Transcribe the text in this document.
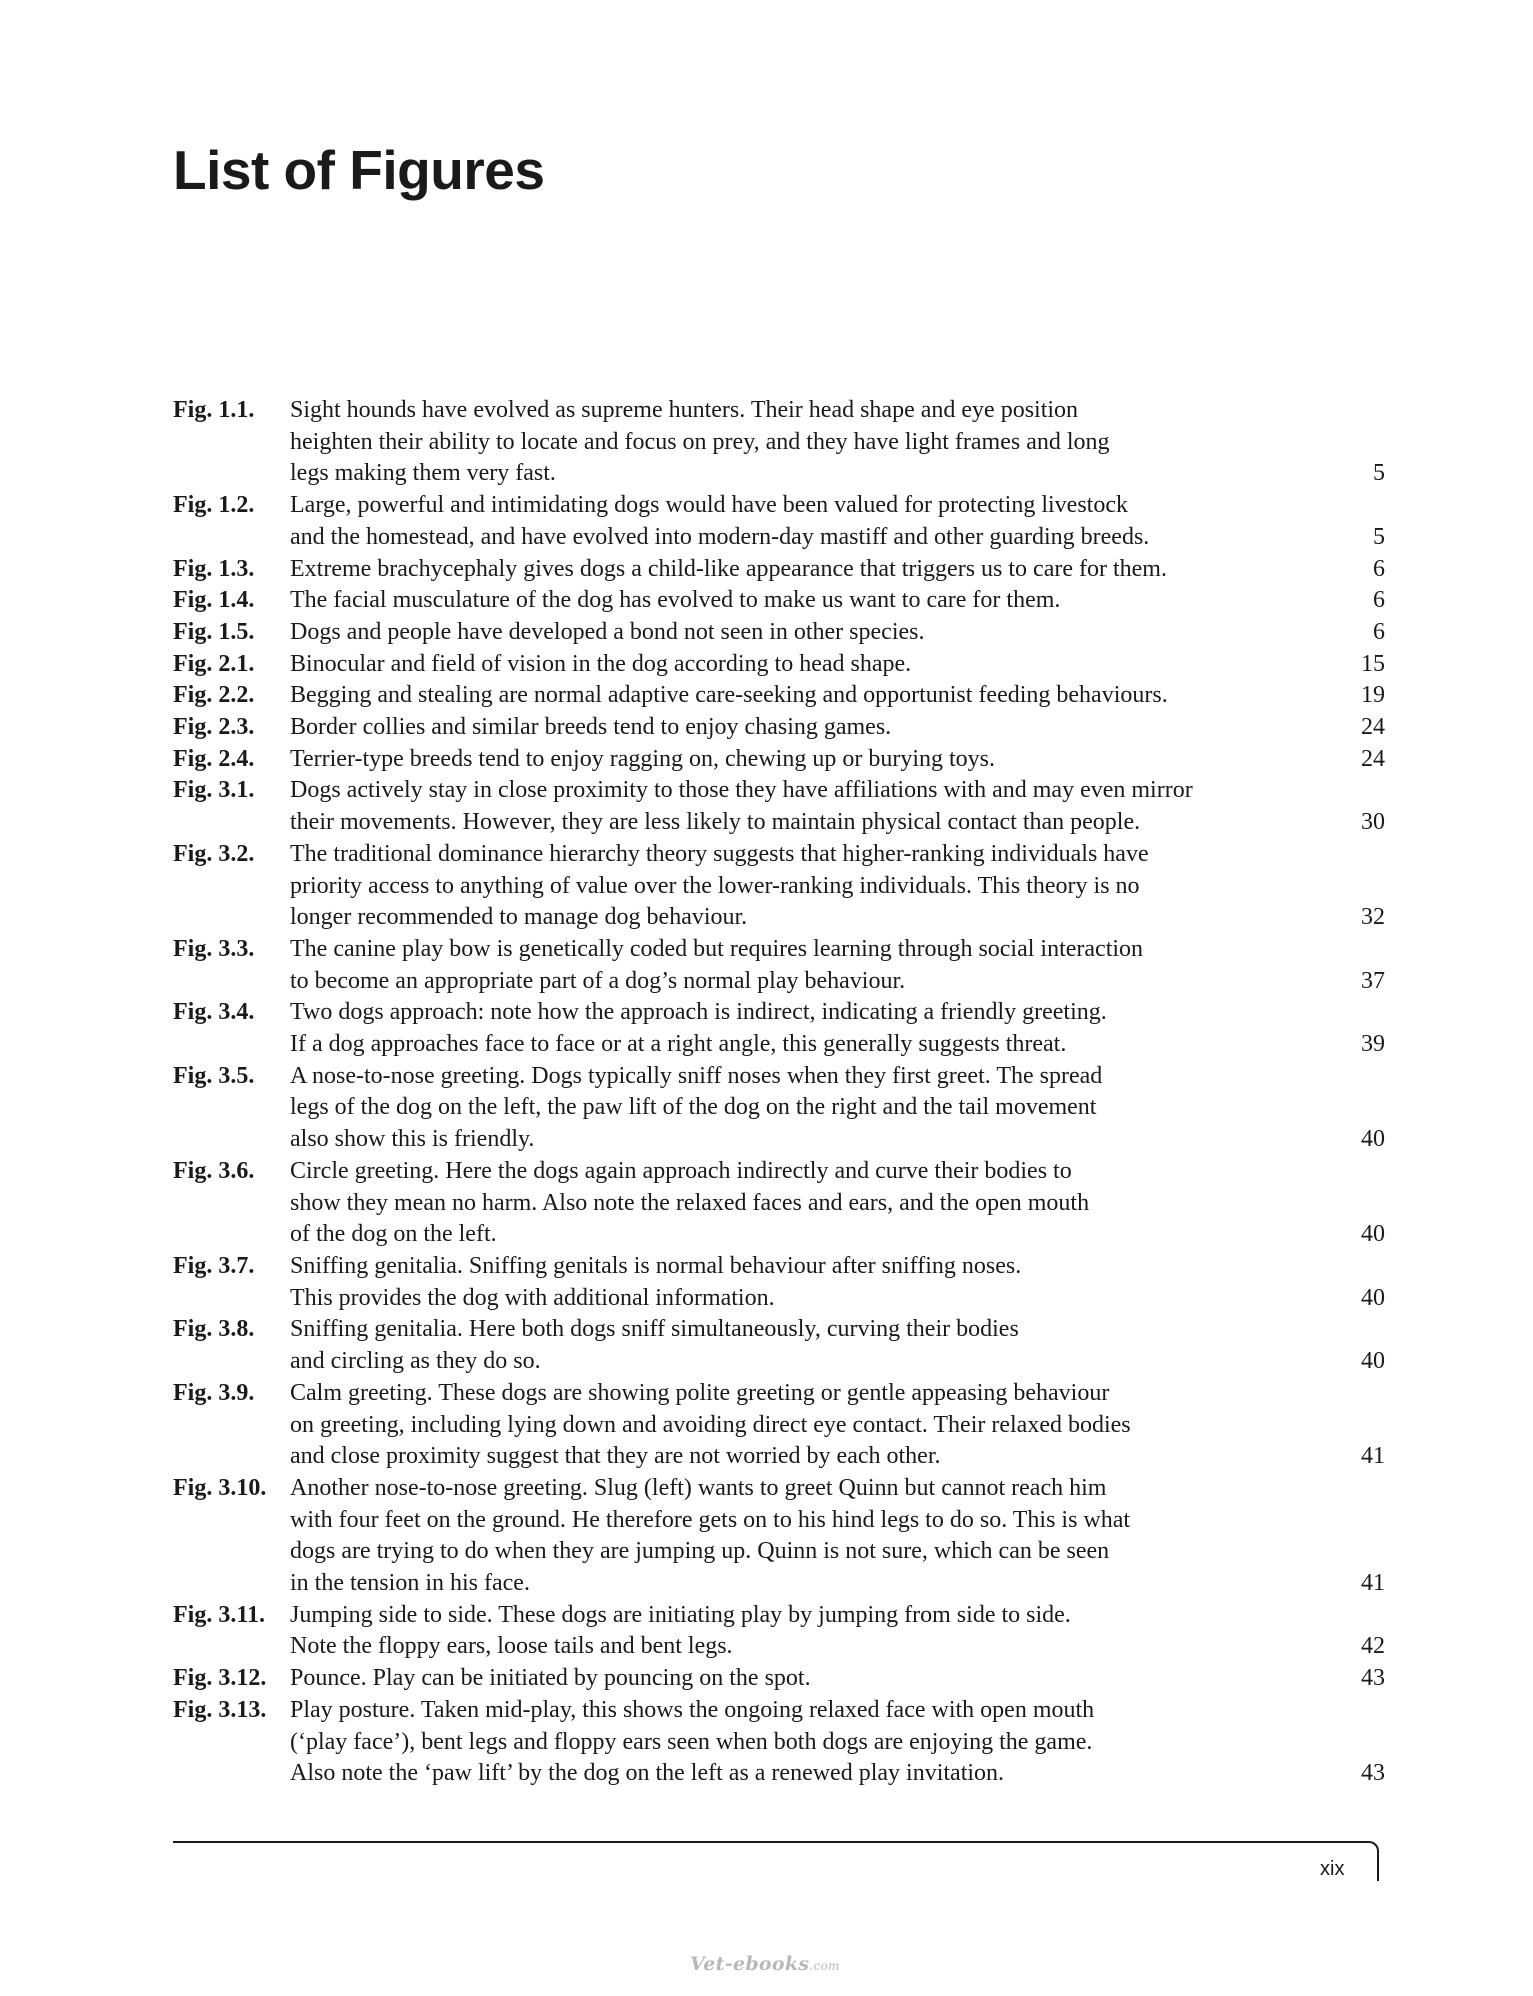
List of Figures
Fig. 1.1.	Sight hounds have evolved as supreme hunters. Their head shape and eye position
heighten their ability to locate and focus on prey, and they have light frames and long
legs making them very fast.	5
Fig. 1.2.	Large, powerful and intimidating dogs would have been valued for protecting livestock
and the homestead, and have evolved into modern-day mastiff and other guarding breeds.	5
Fig. 1.3.	Extreme brachycephaly gives dogs a child-like appearance that triggers us to care for them.	6
Fig. 1.4.	The facial musculature of the dog has evolved to make us want to care for them.	6
Fig. 1.5.	Dogs and people have developed a bond not seen in other species.	6
Fig. 2.1.	Binocular and field of vision in the dog according to head shape.	15
Fig. 2.2.	Begging and stealing are normal adaptive care-seeking and opportunist feeding behaviours.	19
Fig. 2.3.	Border collies and similar breeds tend to enjoy chasing games.	24
Fig. 2.4.	Terrier-type breeds tend to enjoy ragging on, chewing up or burying toys.	24
Fig. 3.1.	Dogs actively stay in close proximity to those they have affiliations with and may even mirror
their movements. However, they are less likely to maintain physical contact than people.	30
Fig. 3.2.	The traditional dominance hierarchy theory suggests that higher-ranking individuals have
priority access to anything of value over the lower-ranking individuals. This theory is no
longer recommended to manage dog behaviour.	32
Fig. 3.3.	The canine play bow is genetically coded but requires learning through social interaction
to become an appropriate part of a dog’s normal play behaviour.	37
Fig. 3.4.	Two dogs approach: note how the approach is indirect, indicating a friendly greeting.
If a dog approaches face to face or at a right angle, this generally suggests threat.	39
Fig. 3.5.	A nose-to-nose greeting. Dogs typically sniff noses when they first greet. The spread
legs of the dog on the left, the paw lift of the dog on the right and the tail movement
also show this is friendly.	40
Fig. 3.6.	Circle greeting. Here the dogs again approach indirectly and curve their bodies to
show they mean no harm. Also note the relaxed faces and ears, and the open mouth
of the dog on the left.	40
Fig. 3.7.	Sniffing genitalia. Sniffing genitals is normal behaviour after sniffing noses.
This provides the dog with additional information.	40
Fig. 3.8.	Sniffing genitalia. Here both dogs sniff simultaneously, curving their bodies
and circling as they do so.	40
Fig. 3.9.	Calm greeting. These dogs are showing polite greeting or gentle appeasing behaviour
on greeting, including lying down and avoiding direct eye contact. Their relaxed bodies
and close proximity suggest that they are not worried by each other.	41
Fig. 3.10. Another nose-to-nose greeting. Slug (left) wants to greet Quinn but cannot reach him
with four feet on the ground. He therefore gets on to his hind legs to do so. This is what
dogs are trying to do when they are jumping up. Quinn is not sure, which can be seen
in the tension in his face.	41
Fig. 3.11.	Jumping side to side. These dogs are initiating play by jumping from side to side.
Note the floppy ears, loose tails and bent legs.	42
Fig. 3.12. Pounce. Play can be initiated by pouncing on the spot.	43
Fig. 3.13. Play posture. Taken mid-play, this shows the ongoing relaxed face with open mouth
(‘play face’), bent legs and floppy ears seen when both dogs are enjoying the game.
Also note the ‘paw lift’ by the dog on the left as a renewed play invitation.	43
xix
Vet-ebooks.com
